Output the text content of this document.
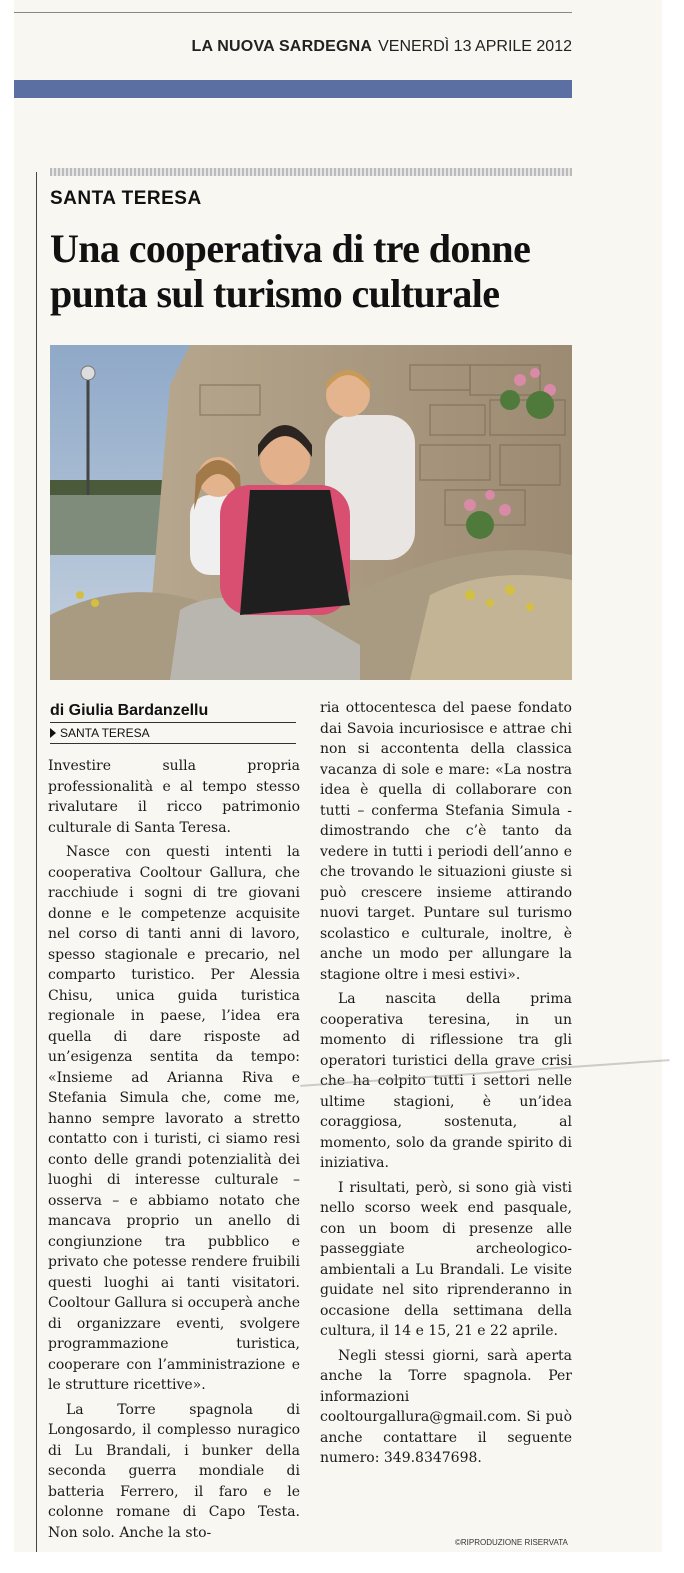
LA NUOVA SARDEGNA VENERDÌ 13 APRILE 2012
SANTA TERESA
Una cooperativa di tre donne punta sul turismo culturale
di Giulia Bardanzellu
SANTA TERESA

Investire sulla propria professionalità e al tempo stesso rivalutare il ricco patrimonio culturale di Santa Teresa.

Nasce con questi intenti la cooperativa Cooltour Gallura, che racchiude i sogni di tre giovani donne e le competenze acquisite nel corso di tanti anni di lavoro, spesso stagionale e precario, nel comparto turistico. Per Alessia Chisu, unica guida turistica regionale in paese, l’idea era quella di dare risposte ad un’esigenza sentita da tempo: «Insieme ad Arianna Riva e Stefania Simula che, come me, hanno sempre lavorato a stretto contatto con i turisti, ci siamo resi conto delle grandi potenzialità dei luoghi di interesse culturale – osserva – e abbiamo notato che mancava proprio un anello di congiunzione tra pubblico e privato che potesse rendere fruibili questi luoghi ai tanti visitatori. Cooltour Gallura si occuperà anche di organizzare eventi, svolgere programmazione turistica, cooperare con l’amministrazione e le strutture ricettive».

La Torre spagnola di Longosardo, il complesso nuragico di Lu Brandali, i bunker della seconda guerra mondiale di batteria Ferrero, il faro e le colonne romane di Capo Testa. Non solo. Anche la sto-

ria ottocentesca del paese fondato dai Savoia incuriosisce e attrae chi non si accontenta della classica vacanza di sole e mare: «La nostra idea è quella di collaborare con tutti – conferma Stefania Simula - dimostrando che c’è tanto da vedere in tutti i periodi dell’anno e che trovando le situazioni giuste si può crescere insieme attirando nuovi target. Puntare sul turismo scolastico e culturale, inoltre, è anche un modo per allungare la stagione oltre i mesi estivi».

La nascita della prima cooperativa teresina, in un momento di riflessione tra gli operatori turistici della grave crisi che ha colpito tutti i settori nelle ultime stagioni, è un’idea coraggiosa, sostenuta, al momento, solo da grande spirito di iniziativa.

I risultati, però, si sono già visti nello scorso week end pasquale, con un boom di presenze alle passeggiate archeologico-ambientali a Lu Brandali. Le visite guidate nel sito riprenderanno in occasione della settimana della cultura, il 14 e 15, 21 e 22 aprile.

Negli stessi giorni, sarà aperta anche la Torre spagnola. Per informazioni cooltourgallura@gmail.com. Si può anche contattare il seguente numero: 349.8347698.

©RIPRODUZIONE RISERVATA
